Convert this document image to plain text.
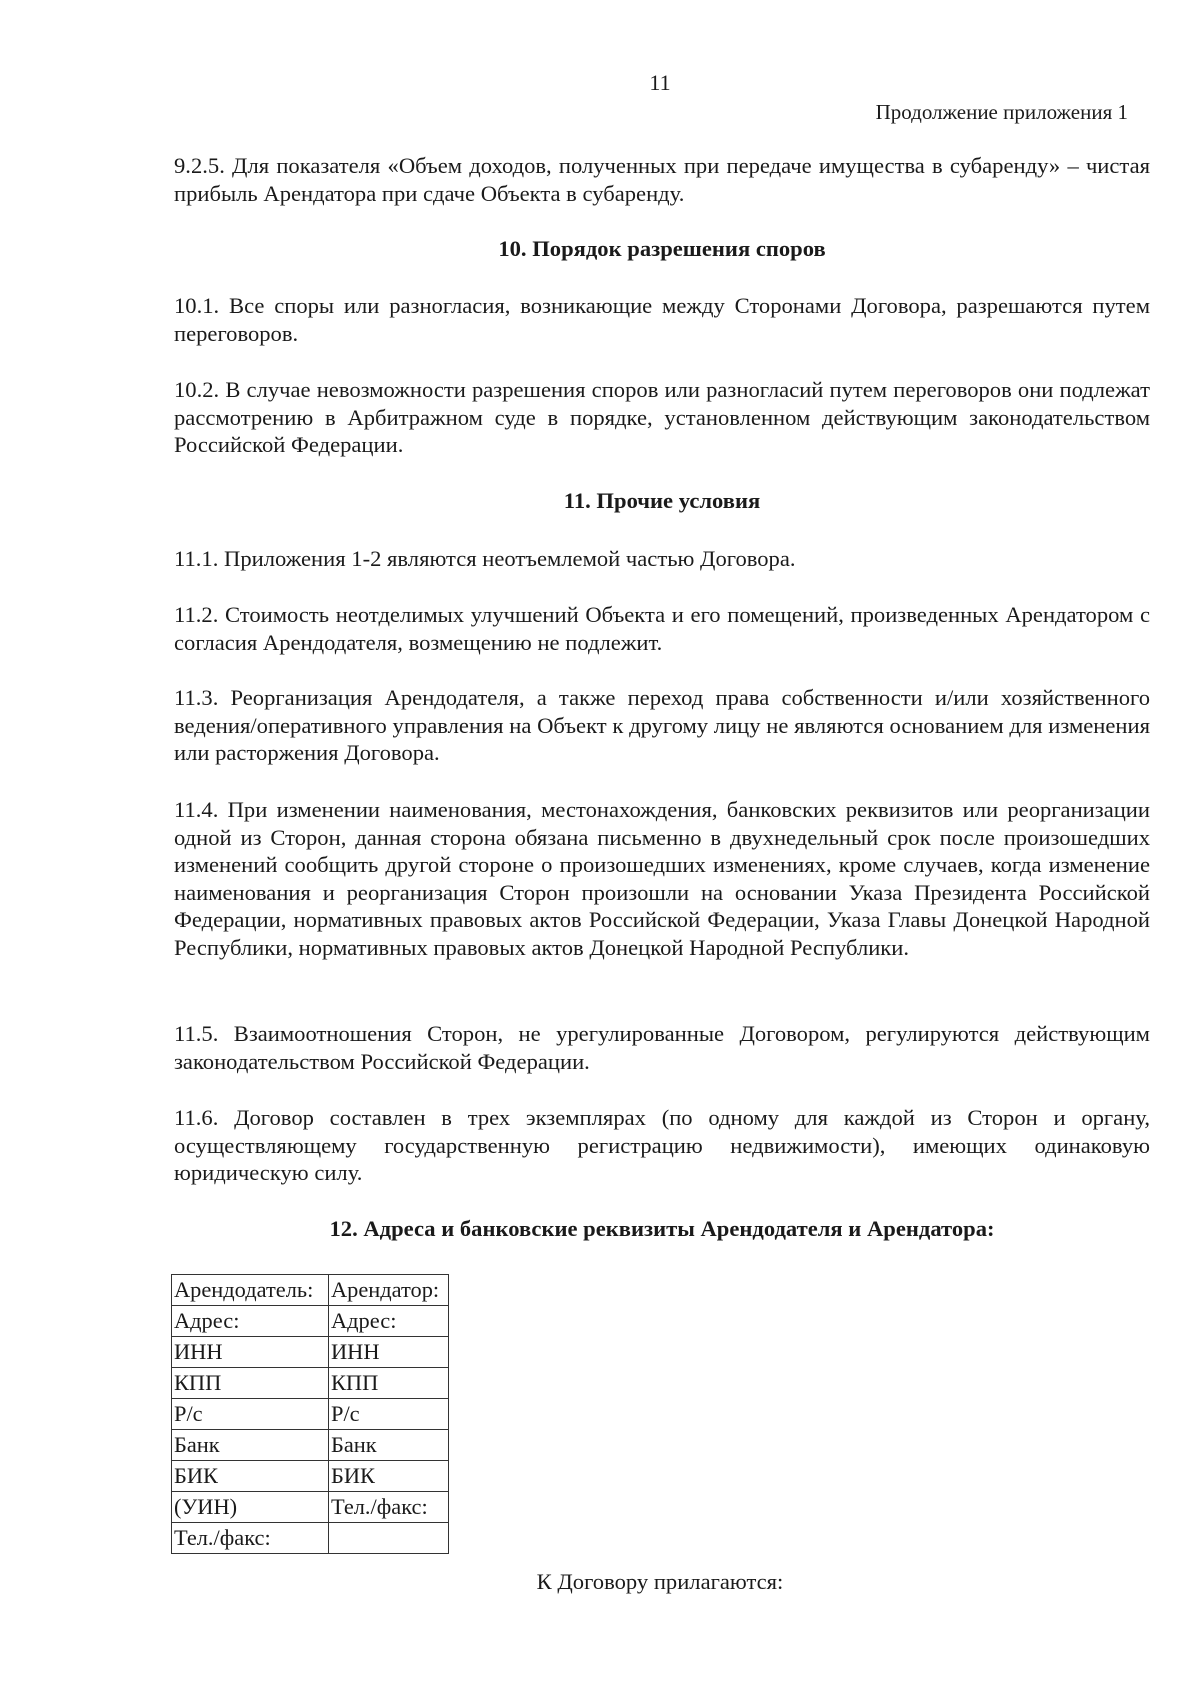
11
Продолжение приложения 1

9.2.5. Для показателя «Объем доходов, полученных при передаче имущества в субаренду» – чистая прибыль Арендатора при сдаче Объекта в субаренду.

10. Порядок разрешения споров

10.1. Все споры или разногласия, возникающие между Сторонами Договора, разрешаются путем переговоров.

10.2. В случае невозможности разрешения споров или разногласий путем переговоров они подлежат рассмотрению в Арбитражном суде в порядке, установленном действующим законодательством Российской Федерации.

11. Прочие условия

11.1. Приложения 1-2 являются неотъемлемой частью Договора.

11.2. Стоимость неотделимых улучшений Объекта и его помещений, произведенных Арендатором с согласия Арендодателя, возмещению не подлежит.

11.3. Реорганизация Арендодателя, а также переход права собственности и/или хозяйственного ведения/оперативного управления на Объект к другому лицу не являются основанием для изменения или расторжения Договора.

11.4. При изменении наименования, местонахождения, банковских реквизитов или реорганизации одной из Сторон, данная сторона обязана письменно в двухнедельный срок после произошедших изменений сообщить другой стороне о произошедших изменениях, кроме случаев, когда изменение наименования и реорганизация Сторон произошли на основании Указа Президента Российской Федерации, нормативных правовых актов Российской Федерации, Указа Главы Донецкой Народной Республики, нормативных правовых актов Донецкой Народной Республики.

11.5. Взаимоотношения Сторон, не урегулированные Договором, регулируются действующим законодательством Российской Федерации.

11.6. Договор составлен в трех экземплярах (по одному для каждой из Сторон и органу, осуществляющему государственную регистрацию недвижимости), имеющих одинаковую юридическую силу.

12. Адреса и банковские реквизиты Арендодателя и Арендатора:
Арендодатель:	Арендатор:
Адрес:	Адрес:
ИНН	ИНН
КПП	КПП
Р/с	Р/с
Банк	Банк
БИК	БИК
(УИН)	Тел./факс:
Тел./факс:	
К Договору прилагаются:
